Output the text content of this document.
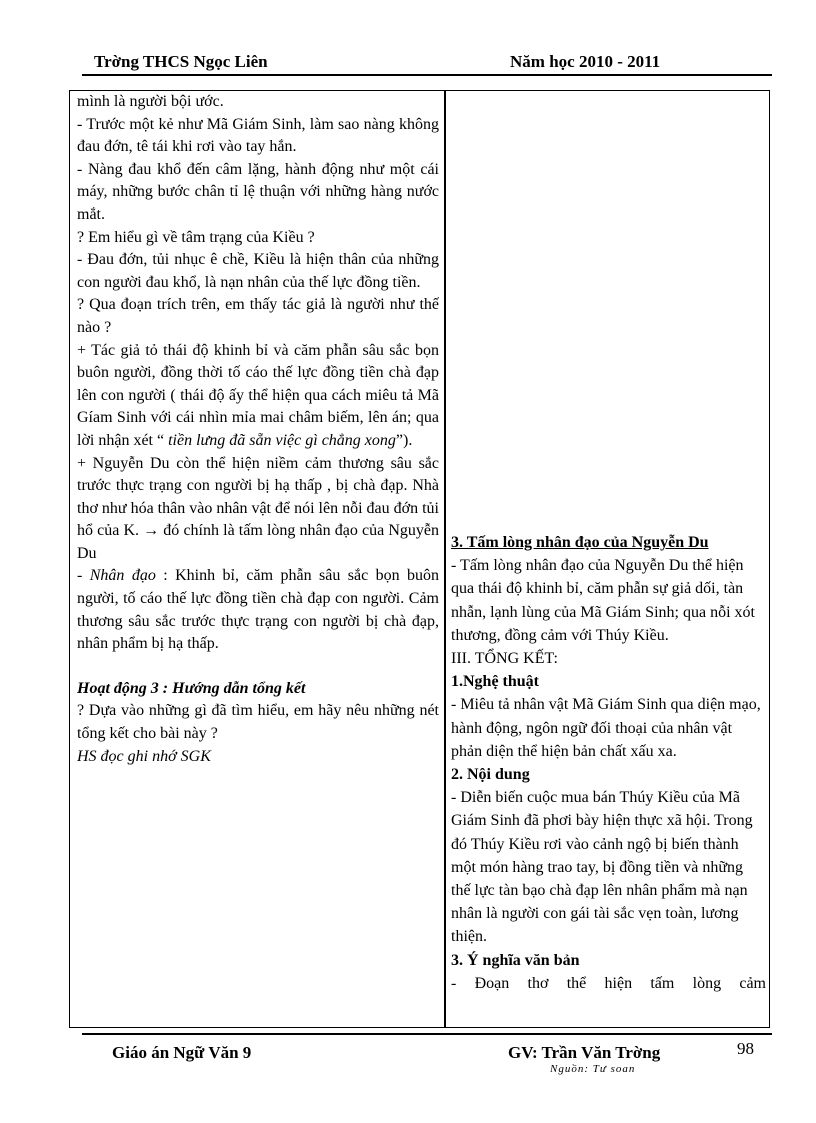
Trờng THCS Ngọc Liên	Năm học 2010 - 2011
mình là người bội ước.
- Trước một kẻ như Mã Giám Sinh, làm sao nàng không đau đớn, tê tái khi rơi vào tay hắn.
- Nàng đau khổ đến câm lặng, hành động như một cái máy, những bước chân tỉ lệ thuận với những hàng nước mắt.
? Em hiểu gì về tâm trạng của Kiều ?
- Đau đớn, tủi nhục ê chề, Kiều là hiện thân của những con người đau khổ, là nạn nhân của thế lực đồng tiền.
? Qua đoạn trích trên, em thấy tác giả là người như thế nào ?
+ Tác giả tỏ thái độ khinh bỉ và căm phẫn sâu sắc bọn buôn người, đồng thời tố cáo thế lực đồng tiền chà đạp lên con người ( thái độ ấy thể hiện qua cách miêu tả Mã Gíam Sinh với cái nhìn mỉa mai châm biếm, lên án; qua lời nhận xét “ tiền lưng đã sẵn việc gì chẳng xong”).
+ Nguyễn Du còn thể hiện niềm cảm thương sâu sắc trước thực trạng con người bị hạ thấp , bị chà đạp. Nhà thơ như hóa thân vào nhân vật để nói lên nỗi đau đớn tủi hổ của K. → đó chính là tấm lòng nhân đạo của Nguyễn Du
- Nhân đạo : Khinh bỉ, căm phẫn sâu sắc bọn buôn người, tố cáo thế lực đồng tiền chà đạp con người. Cảm thương sâu sắc trước thực trạng con người bị chà đạp, nhân phẩm bị hạ thấp.
Hoạt động 3 : Hướng dẫn tổng kết
? Dựa vào những gì đã tìm hiểu, em hãy nêu những nét tổng kết cho bài này ?
HS đọc ghi nhớ SGK
3. Tấm lòng nhân đạo của Nguyễn Du
- Tấm lòng nhân đạo của Nguyễn Du thể hiện qua thái độ khinh bỉ, căm phẫn sự giả dối, tàn nhẫn, lạnh lùng của Mã Giám Sinh; qua nỗi xót thương, đồng cảm với Thúy Kiều.
III. TỔNG KẾT:
1.Nghệ thuật
- Miêu tả nhân vật Mã Giám Sinh qua diện mạo, hành động, ngôn ngữ đối thoại của nhân vật phản diện thể hiện bản chất xấu xa.
2. Nội dung
- Diễn biến cuộc mua bán Thúy Kiều của Mã Giám Sinh đã phơi bày hiện thực xã hội. Trong đó Thúy Kiều rơi vào cảnh ngộ bị biến thành một món hàng trao tay, bị đồng tiền và những thế lực tàn bạo chà đạp lên nhân phẩm mà nạn nhân là người con gái tài sắc vẹn toàn, lương thiện.
3. Ý nghĩa văn bản
- Đoạn thơ thể hiện tấm lòng cảm
Giáo án Ngữ Văn 9	GV: Trần Văn Trờng	98
Nguồn: Tư soan
